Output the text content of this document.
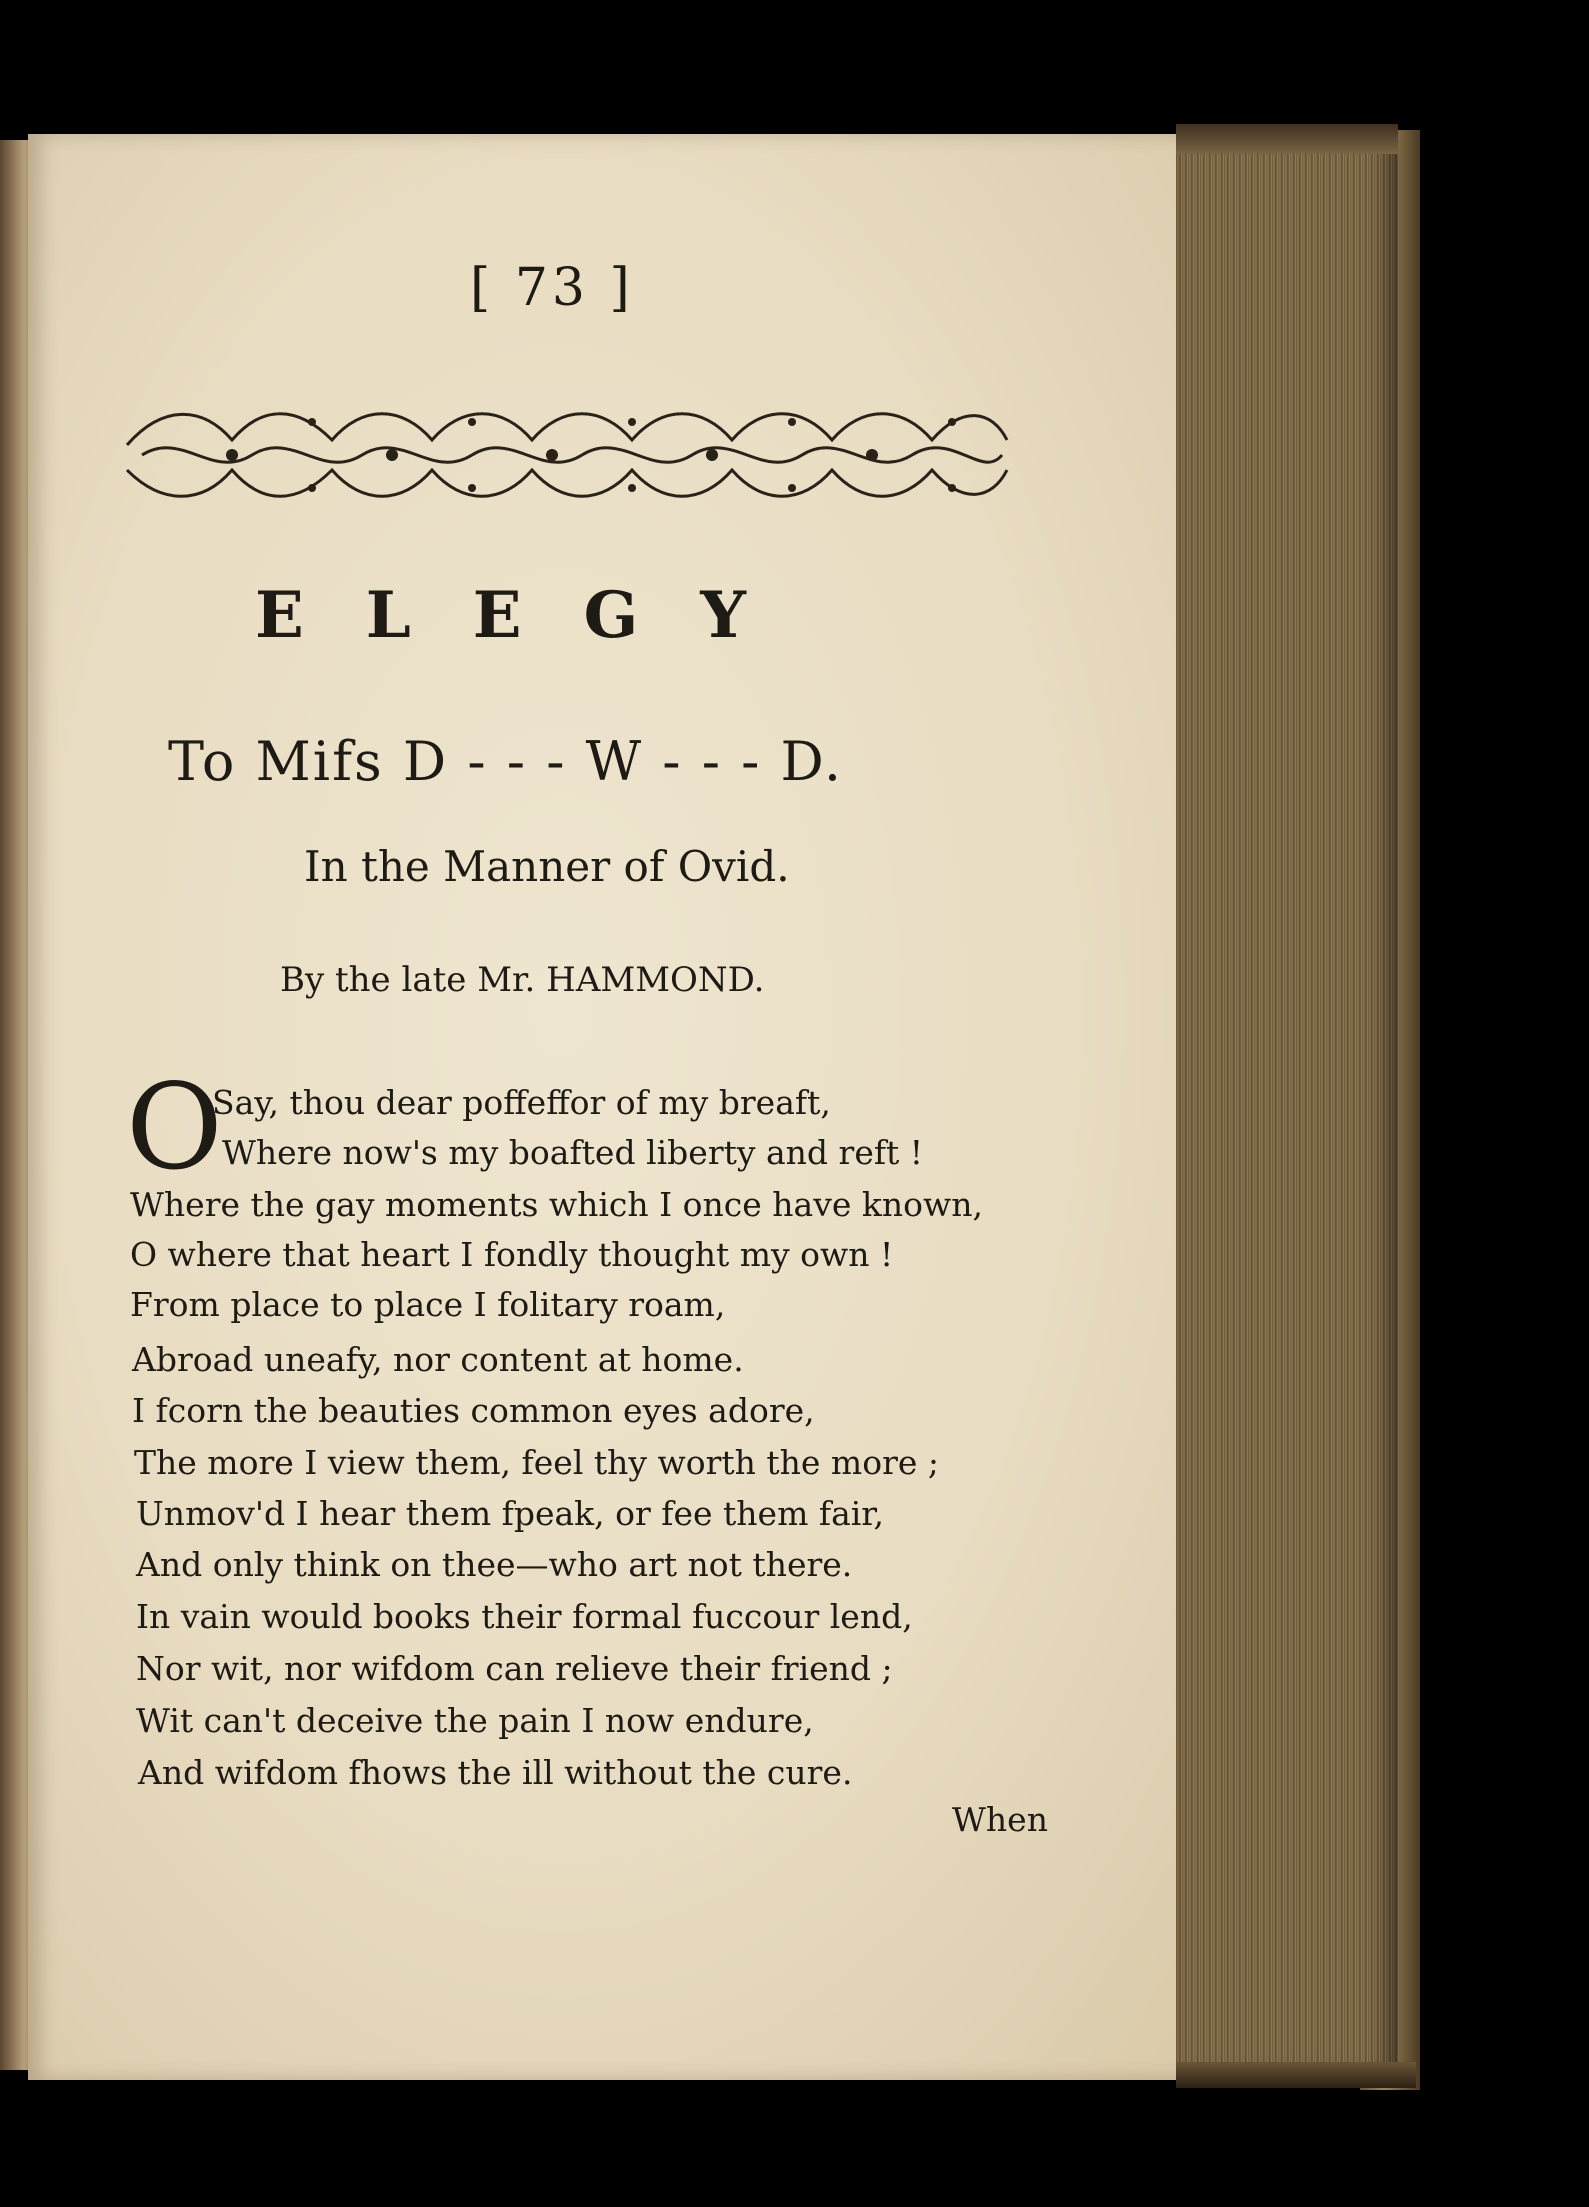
[ 73 ]
ELEGY
To Mifs D - - - W - - - D.
In the Manner of Ovid.
By the late Mr. HAMMOND.
O
Say, thou dear poffeffor of my breaft,
Where now's my boafted liberty and reft !
Where the gay moments which I once have known,
O where that heart I fondly thought my own !
From place to place I folitary roam,
Abroad uneafy, nor content at home.
I fcorn the beauties common eyes adore,
The more I view them, feel thy worth the more ;
Unmov'd I hear them fpeak, or fee them fair,
And only think on thee—who art not there.
In vain would books their formal fuccour lend,
Nor wit, nor wifdom can relieve their friend ;
Wit can't deceive the pain I now endure,
And wifdom fhows the ill without the cure.
When
